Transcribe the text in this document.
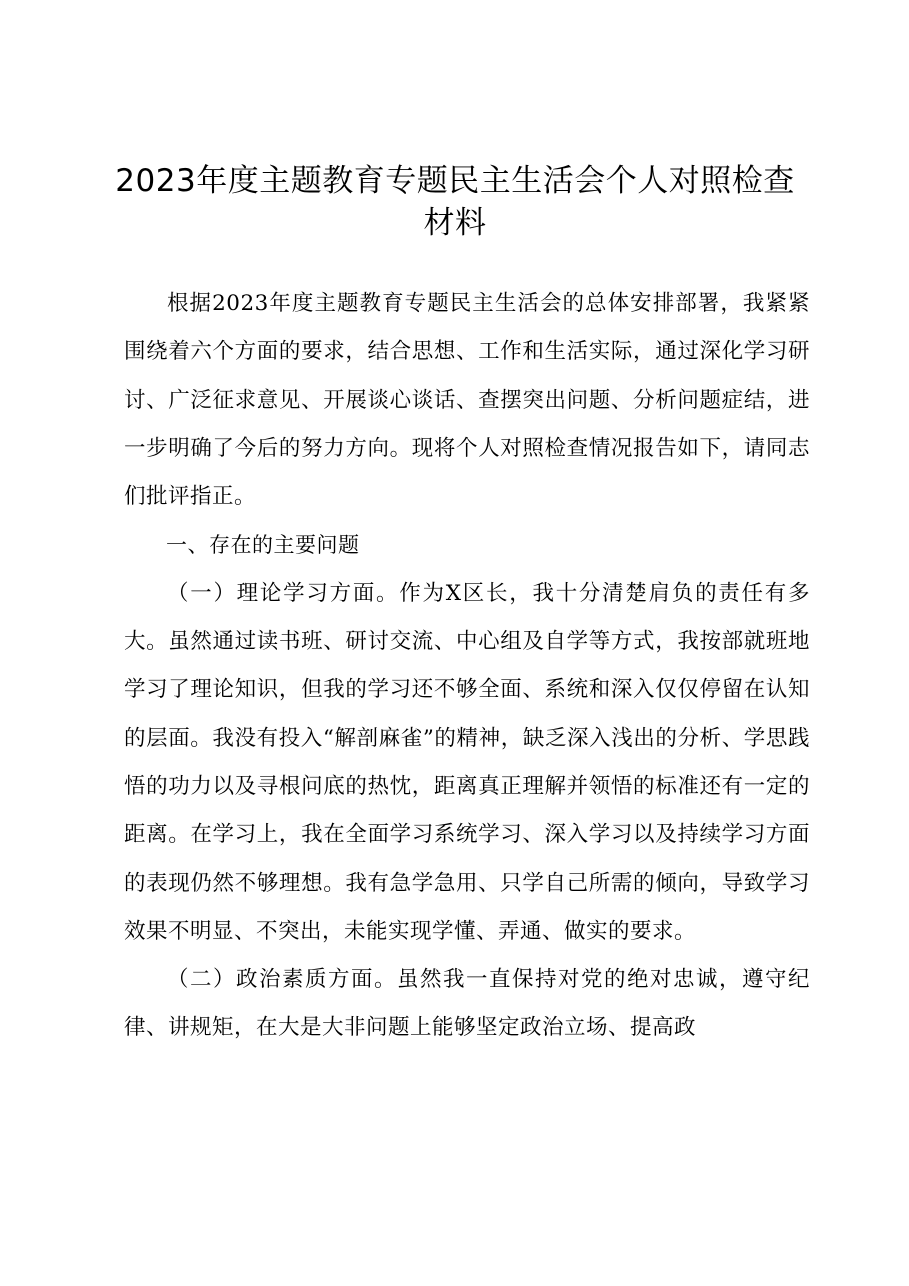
2023年度主题教育专题民主生活会个人对照检查材料

根据2023年度主题教育专题民主生活会的总体安排部署，我紧紧围绕着六个方面的要求，结合思想、工作和生活实际，通过深化学习研讨、广泛征求意见、开展谈心谈话、查摆突出问题、分析问题症结，进一步明确了今后的努力方向。现将个人对照检查情况报告如下，请同志们批评指正。

一、存在的主要问题

（一）理论学习方面。作为X区长，我十分清楚肩负的责任有多大。虽然通过读书班、研讨交流、中心组及自学等方式，我按部就班地学习了理论知识，但我的学习还不够全面、系统和深入仅仅停留在认知的层面。我没有投入“解剖麻雀”的精神，缺乏深入浅出的分析、学思践悟的功力以及寻根问底的热忱，距离真正理解并领悟的标准还有一定的距离。在学习上，我在全面学习系统学习、深入学习以及持续学习方面的表现仍然不够理想。我有急学急用、只学自己所需的倾向，导致学习效果不明显、不突出，未能实现学懂、弄通、做实的要求。

（二）政治素质方面。虽然我一直保持对党的绝对忠诚，遵守纪律、讲规矩，在大是大非问题上能够坚定政治立场、提高政
